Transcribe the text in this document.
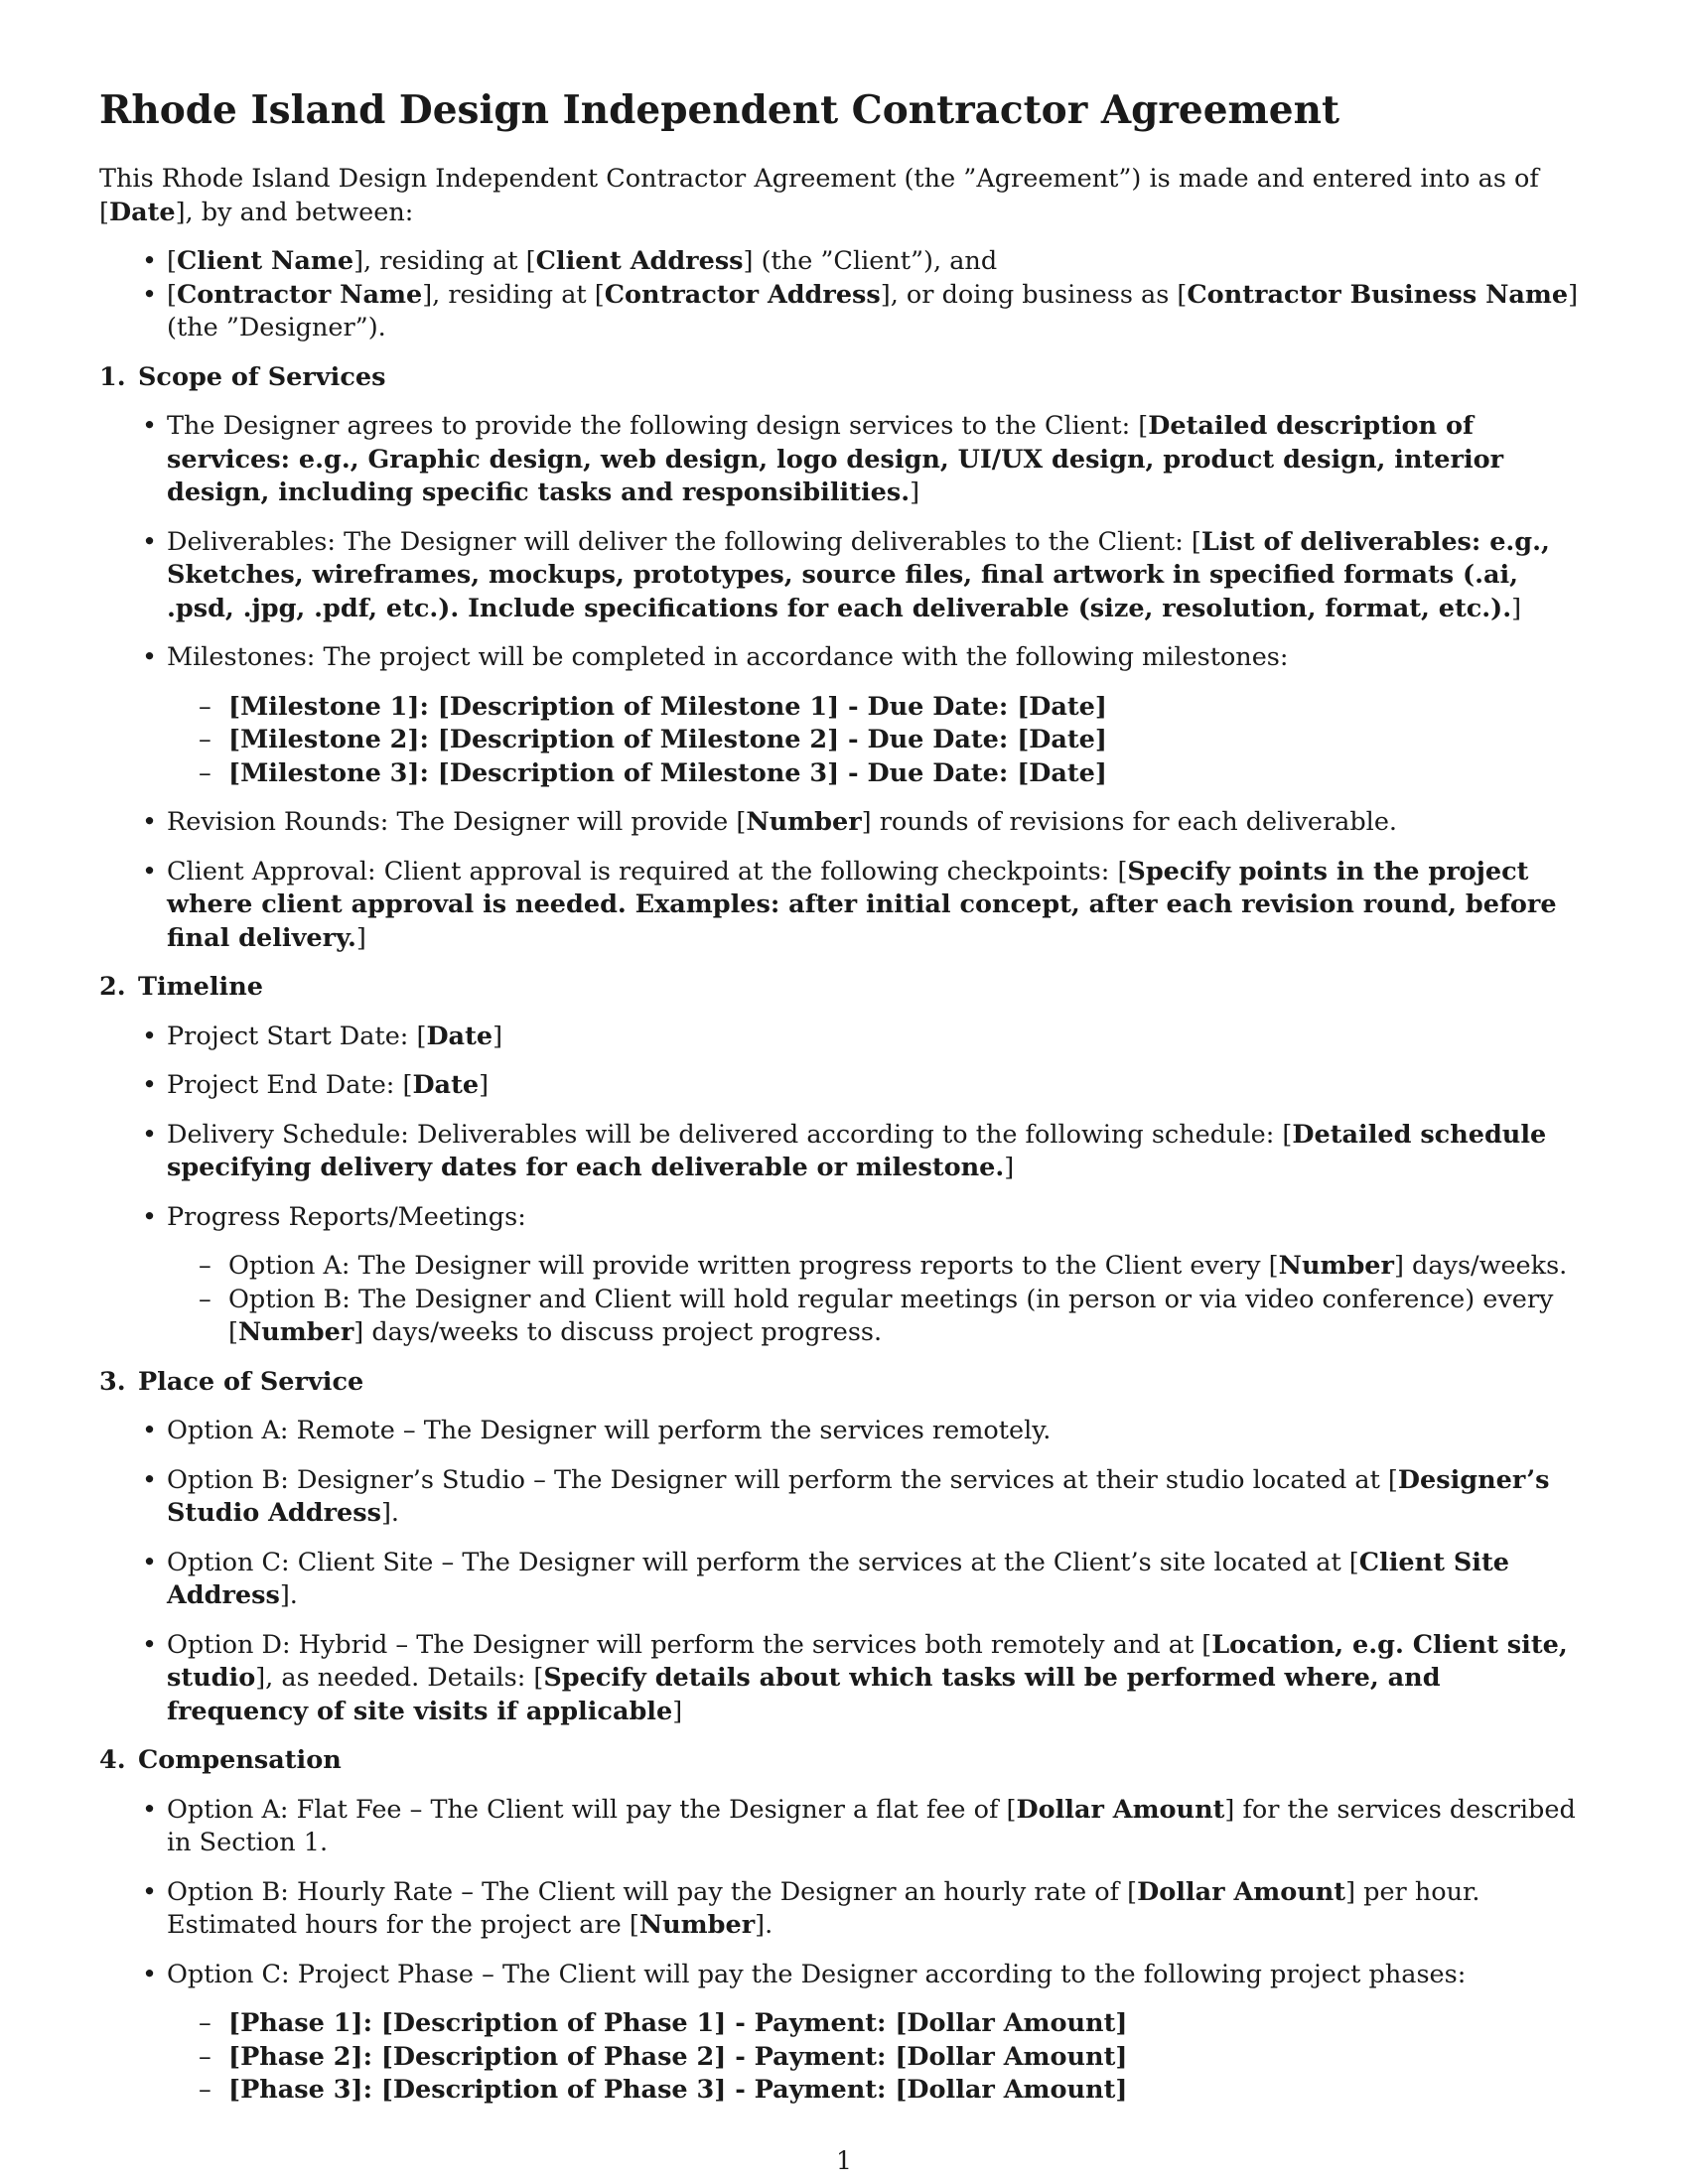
Rhode Island Design Independent Contractor Agreement

This Rhode Island Design Independent Contractor Agreement (the ”Agreement”) is made and entered into as of [Date], by and between:

• [Client Name], residing at [Client Address] (the ”Client”), and
• [Contractor Name], residing at [Contractor Address], or doing business as [Contractor Business Name] (the ”Designer”).
1. Scope of Services
• The Designer agrees to provide the following design services to the Client: [Detailed description of services: e.g., Graphic design, web design, logo design, UI/UX design, product design, interior design, including specific tasks and responsibilities.]
• Deliverables: The Designer will deliver the following deliverables to the Client: [List of deliverables: e.g., Sketches, wireframes, mockups, prototypes, source files, final artwork in specified formats (.ai, .psd, .jpg, .pdf, etc.). Include specifications for each deliverable (size, resolution, format, etc.).]
• Milestones: The project will be completed in accordance with the following milestones:
– [Milestone 1]: [Description of Milestone 1] - Due Date: [Date]
– [Milestone 2]: [Description of Milestone 2] - Due Date: [Date]
– [Milestone 3]: [Description of Milestone 3] - Due Date: [Date]
• Revision Rounds: The Designer will provide [Number] rounds of revisions for each deliverable.
• Client Approval: Client approval is required at the following checkpoints: [Specify points in the project where client approval is needed. Examples: after initial concept, after each revision round, before final delivery.]
2. Timeline
• Project Start Date: [Date]
• Project End Date: [Date]
• Delivery Schedule: Deliverables will be delivered according to the following schedule: [Detailed schedule specifying delivery dates for each deliverable or milestone.]
• Progress Reports/Meetings:
– Option A: The Designer will provide written progress reports to the Client every [Number] days/weeks.
– Option B: The Designer and Client will hold regular meetings (in person or via video conference) every [Number] days/weeks to discuss project progress.
3. Place of Service
• Option A: Remote – The Designer will perform the services remotely.
• Option B: Designer’s Studio – The Designer will perform the services at their studio located at [Designer’s Studio Address].
• Option C: Client Site – The Designer will perform the services at the Client’s site located at [Client Site Address].
• Option D: Hybrid – The Designer will perform the services both remotely and at [Location, e.g. Client site, studio], as needed. Details: [Specify details about which tasks will be performed where, and frequency of site visits if applicable]
4. Compensation
• Option A: Flat Fee – The Client will pay the Designer a flat fee of [Dollar Amount] for the services described in Section 1.
• Option B: Hourly Rate – The Client will pay the Designer an hourly rate of [Dollar Amount] per hour. Estimated hours for the project are [Number].
• Option C: Project Phase – The Client will pay the Designer according to the following project phases:
– [Phase 1]: [Description of Phase 1] - Payment: [Dollar Amount]
– [Phase 2]: [Description of Phase 2] - Payment: [Dollar Amount]
– [Phase 3]: [Description of Phase 3] - Payment: [Dollar Amount]
1
